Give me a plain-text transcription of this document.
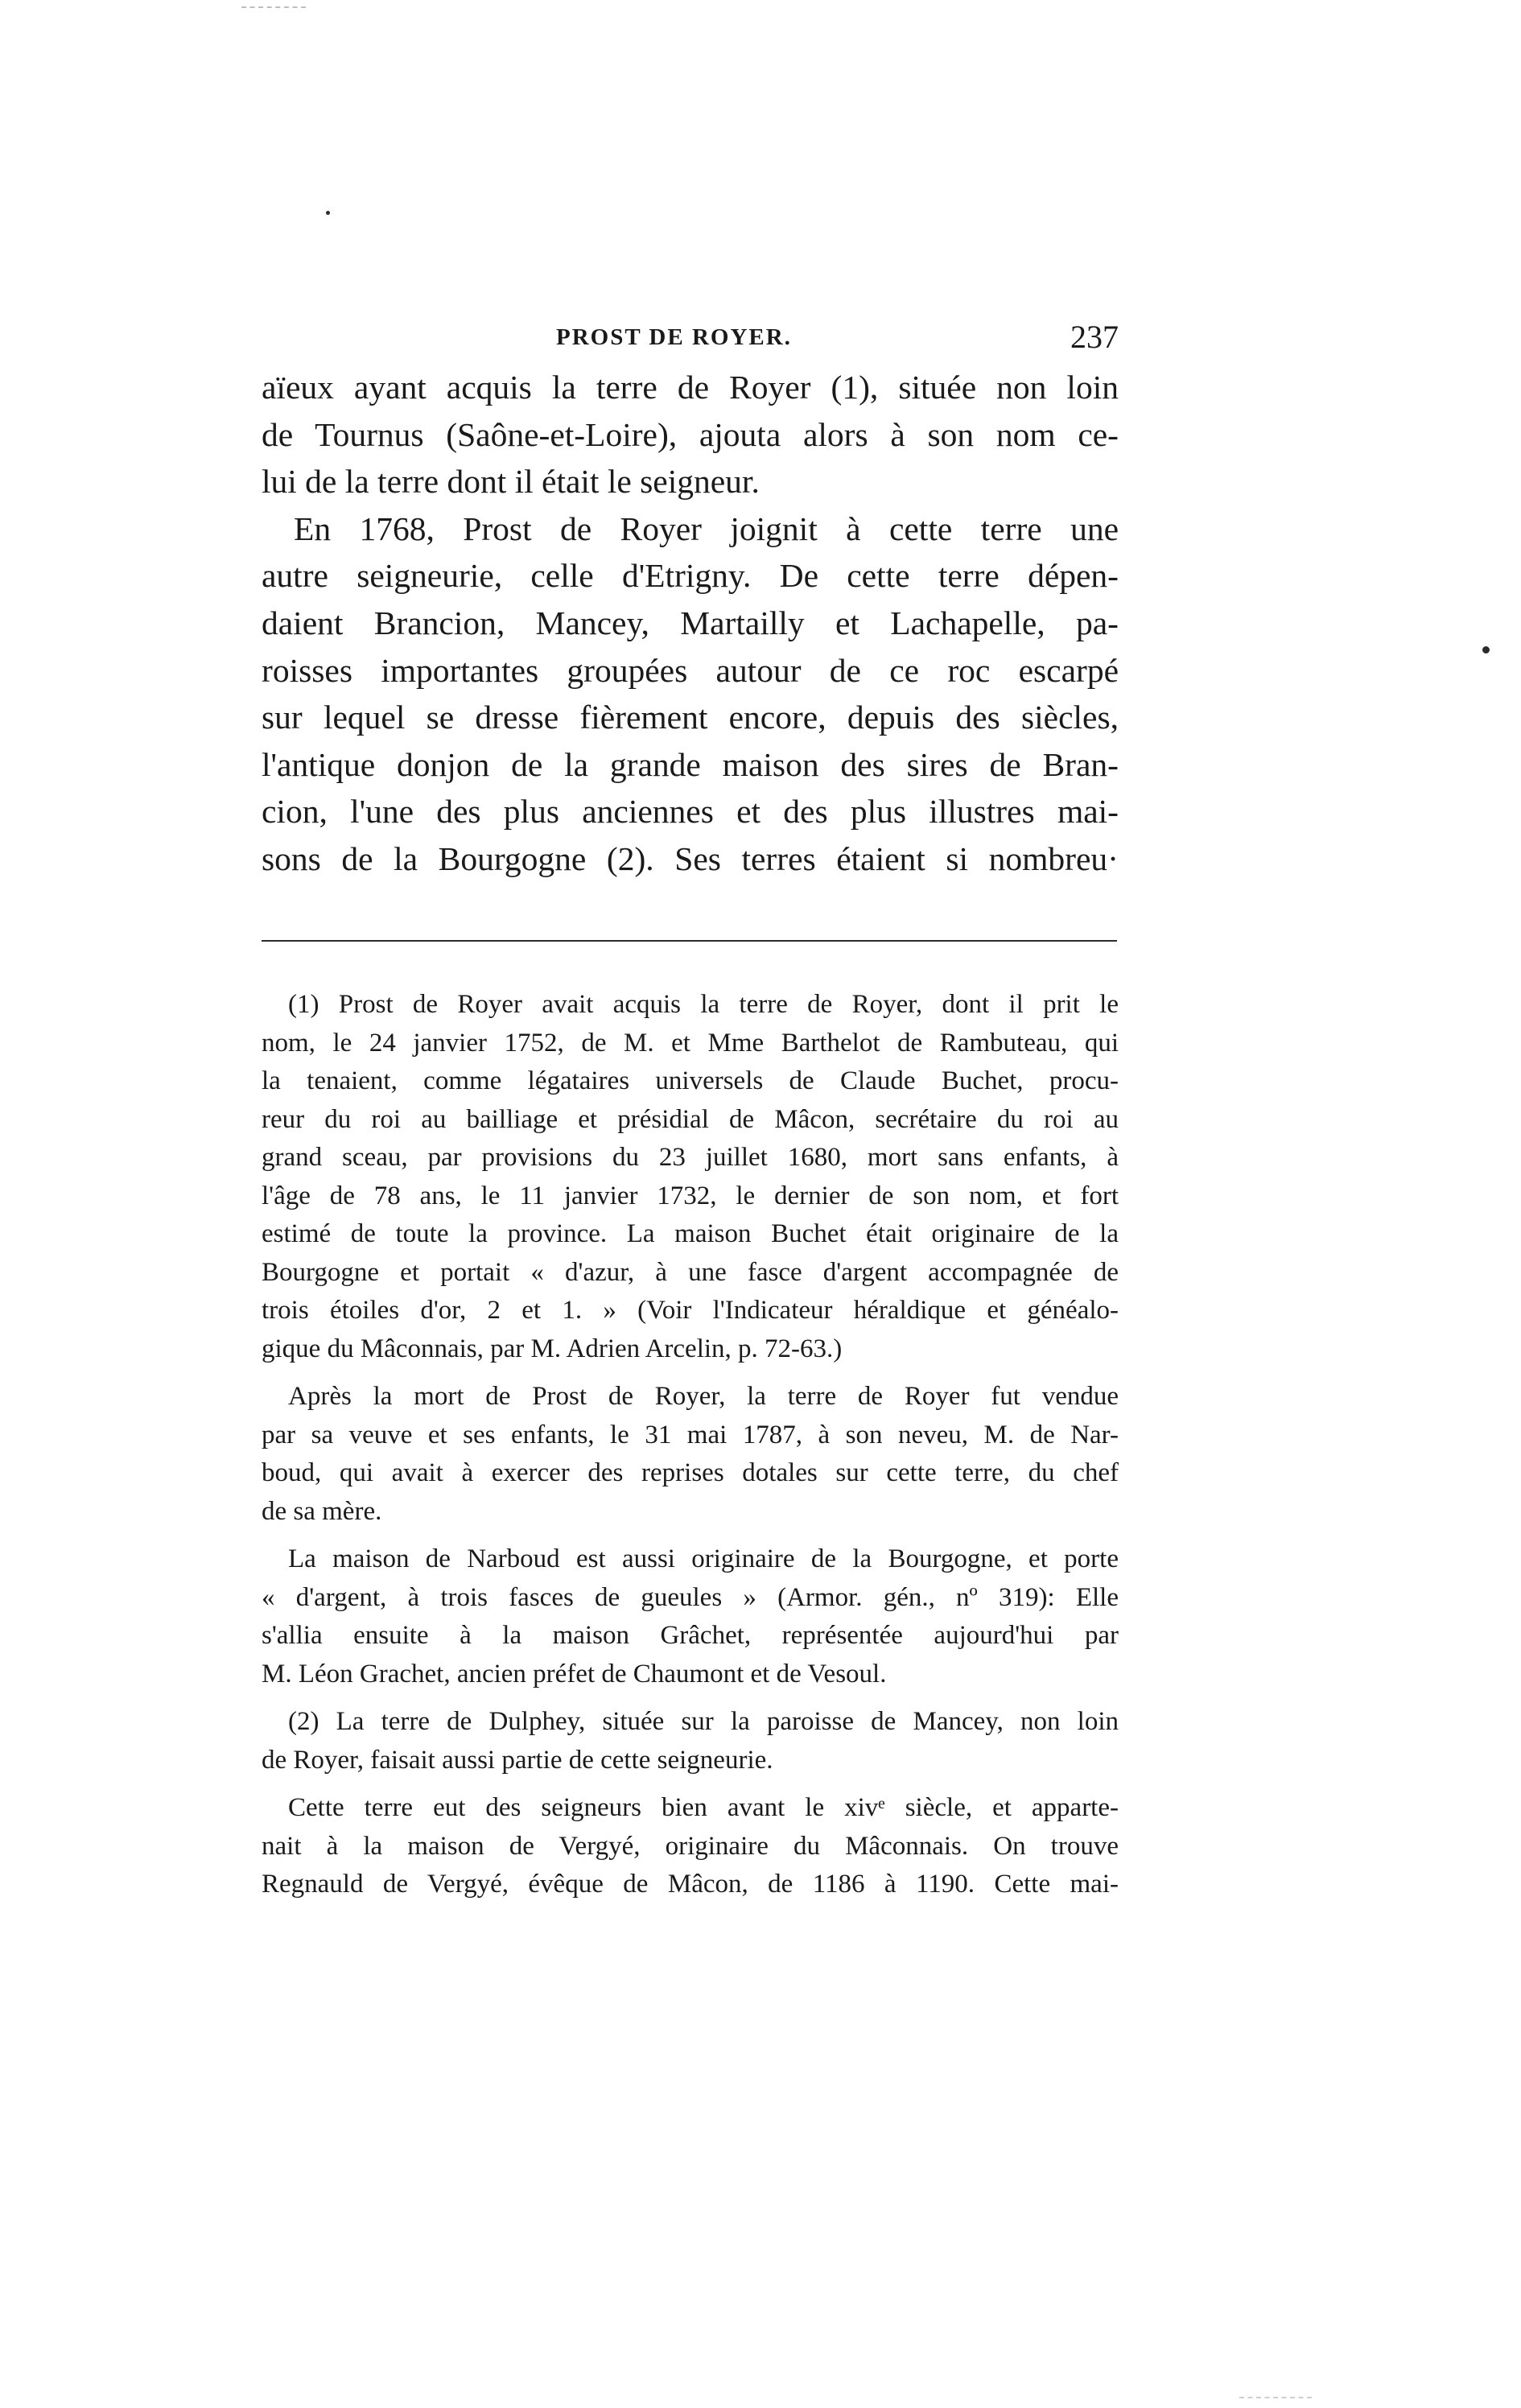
PROST DE ROYER.	237
aïeux ayant acquis la terre de Royer (1), située non loin
de Tournus (Saône-et-Loire), ajouta alors à son nom ce-
lui de la terre dont il était le seigneur.
En 1768, Prost de Royer joignit à cette terre une
autre seigneurie, celle d'Etrigny. De cette terre dépen-
daient Brancion, Mancey, Martailly et Lachapelle, pa-
roisses importantes groupées autour de ce roc escarpé
sur lequel se dresse fièrement encore, depuis des siècles,
l'antique donjon de la grande maison des sires de Bran-
cion, l'une des plus anciennes et des plus illustres mai-
sons de la Bourgogne (2). Ses terres étaient si nombreu·
(1) Prost de Royer avait acquis la terre de Royer, dont il prit le
nom, le 24 janvier 1752, de M. et Mme Barthelot de Rambuteau, qui
la tenaient, comme légataires universels de Claude Buchet, procu-
reur du roi au bailliage et présidial de Mâcon, secrétaire du roi au
grand sceau, par provisions du 23 juillet 1680, mort sans enfants, à
l'âge de 78 ans, le 11 janvier 1732, le dernier de son nom, et fort
estimé de toute la province. La maison Buchet était originaire de la
Bourgogne et portait « d'azur, à une fasce d'argent accompagnée de
trois étoiles d'or, 2 et 1. » (Voir l'Indicateur héraldique et généalo-
gique du Mâconnais, par M. Adrien Arcelin, p. 72-63.)
Après la mort de Prost de Royer, la terre de Royer fut vendue
par sa veuve et ses enfants, le 31 mai 1787, à son neveu, M. de Nar-
boud, qui avait à exercer des reprises dotales sur cette terre, du chef
de sa mère.
La maison de Narboud est aussi originaire de la Bourgogne, et porte
« d'argent, à trois fasces de gueules » (Armor. gén., nº 319): Elle
s'allia ensuite à la maison Grâchet, représentée aujourd'hui par
M. Léon Grachet, ancien préfet de Chaumont et de Vesoul.
(2) La terre de Dulphey, située sur la paroisse de Mancey, non loin
de Royer, faisait aussi partie de cette seigneurie.
Cette terre eut des seigneurs bien avant le xivᵉ siècle, et apparte-
nait à la maison de Vergyé, originaire du Mâconnais. On trouve
Regnauld de Vergyé, évêque de Mâcon, de 1186 à 1190. Cette mai-
